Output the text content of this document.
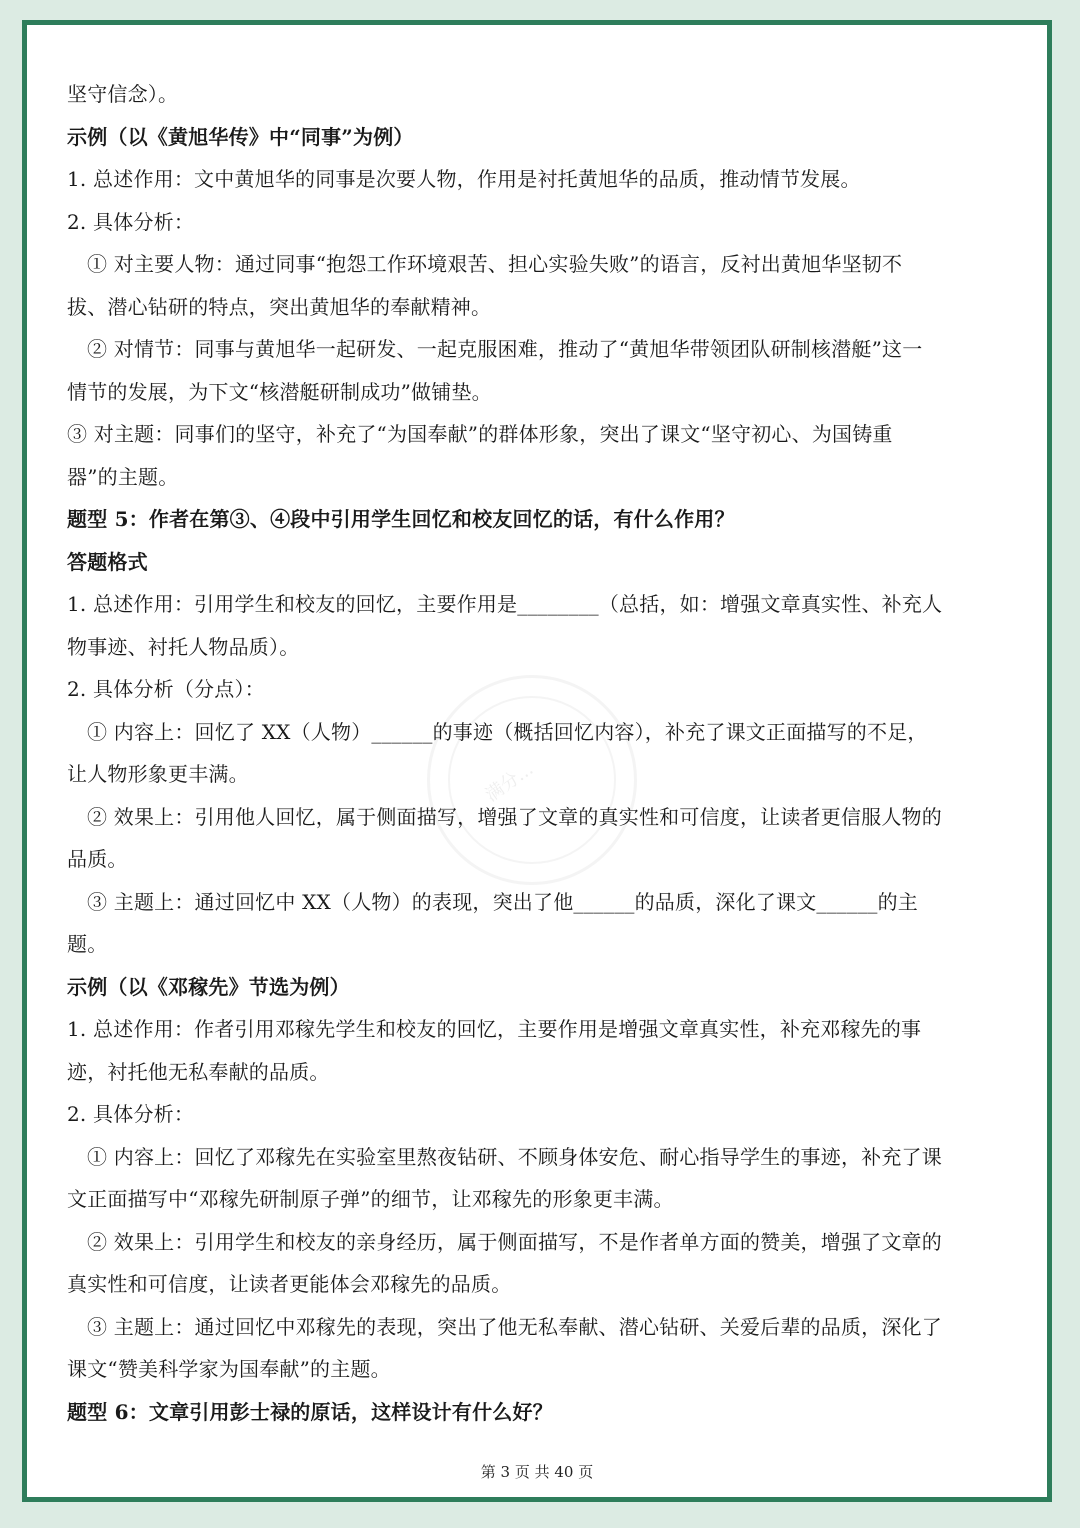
满分...
坚守信念）。
示例（以《黄旭华传》中“同事”为例）
1. 总述作用：文中黄旭华的同事是次要人物，作用是衬托黄旭华的品质，推动情节发展。
2. 具体分析：
① 对主要人物：通过同事“抱怨工作环境艰苦、担心实验失败”的语言，反衬出黄旭华坚韧不
拔、潜心钻研的特点，突出黄旭华的奉献精神。
② 对情节：同事与黄旭华一起研发、一起克服困难，推动了“黄旭华带领团队研制核潜艇”这一
情节的发展，为下文“核潜艇研制成功”做铺垫。
③ 对主题：同事们的坚守，补充了“为国奉献”的群体形象，突出了课文“坚守初心、为国铸重
器”的主题。
题型 5：作者在第③、④段中引用学生回忆和校友回忆的话，有什么作用？
答题格式
1. 总述作用：引用学生和校友的回忆，主要作用是________（总括，如：增强文章真实性、补充人
物事迹、衬托人物品质）。
2. 具体分析（分点）：
① 内容上：回忆了 XX（人物）______的事迹（概括回忆内容），补充了课文正面描写的不足，
让人物形象更丰满。
② 效果上：引用他人回忆，属于侧面描写，增强了文章的真实性和可信度，让读者更信服人物的
品质。
③ 主题上：通过回忆中 XX（人物）的表现，突出了他______的品质，深化了课文______的主
题。
示例（以《邓稼先》节选为例）
1. 总述作用：作者引用邓稼先学生和校友的回忆，主要作用是增强文章真实性，补充邓稼先的事
迹，衬托他无私奉献的品质。
2. 具体分析：
① 内容上：回忆了邓稼先在实验室里熬夜钻研、不顾身体安危、耐心指导学生的事迹，补充了课
文正面描写中“邓稼先研制原子弹”的细节，让邓稼先的形象更丰满。
② 效果上：引用学生和校友的亲身经历，属于侧面描写，不是作者单方面的赞美，增强了文章的
真实性和可信度，让读者更能体会邓稼先的品质。
③ 主题上：通过回忆中邓稼先的表现，突出了他无私奉献、潜心钻研、关爱后辈的品质，深化了
课文“赞美科学家为国奉献”的主题。
题型 6：文章引用彭士禄的原话，这样设计有什么好？
第 3 页 共 40 页
